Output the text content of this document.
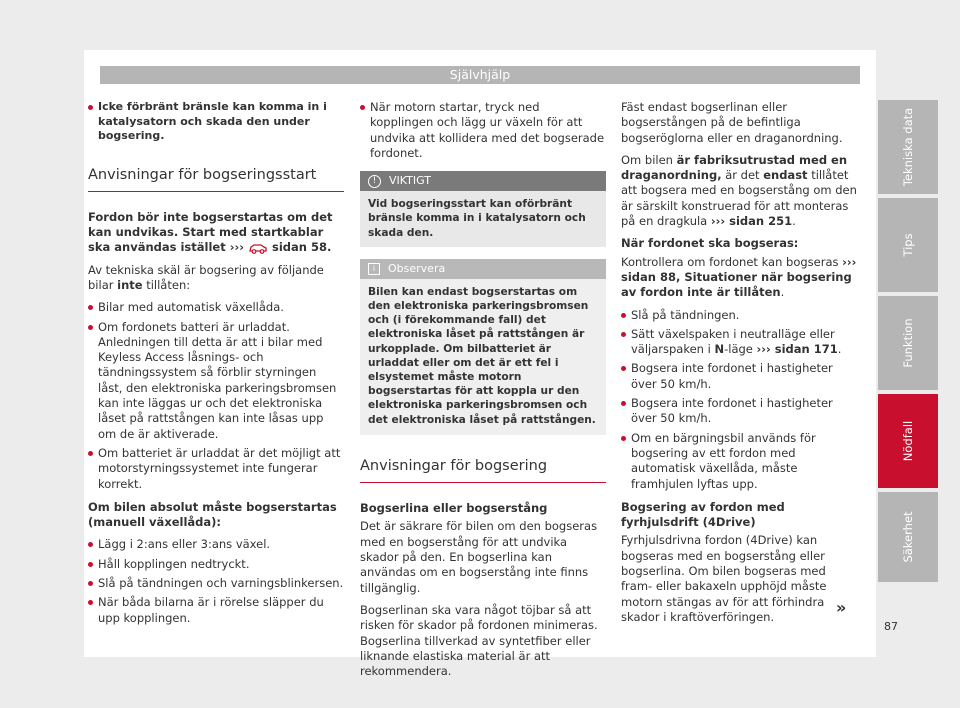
Självhjälp

Icke förbränt bränsle kan komma in i katalysatorn och skada den under bogsering.

Anvisningar för bogseringsstart

Fordon bör inte bogserstartas om det kan undvikas. Start med startkablar ska användas istället ››› sidan 58.

Av tekniska skäl är bogsering av följande bilar inte tillåten:

Bilar med automatisk växellåda.

Om fordonets batteri är urladdat. Anledningen till detta är att i bilar med Keyless Access låsnings- och tändningssystem så förblir styrningen låst, den elektroniska parkeringsbromsen kan inte läggas ur och det elektroniska låset på rattstången kan inte låsas upp om de är aktiverade.

Om batteriet är urladdat är det möjligt att motorstyrningssystemet inte fungerar korrekt.

Om bilen absolut måste bogserstartas (manuell växellåda):

Lägg i 2:ans eller 3:ans växel.

Håll kopplingen nedtryckt.

Slå på tändningen och varningsblinkersen.

När båda bilarna är i rörelse släpper du upp kopplingen.

När motorn startar, tryck ned kopplingen och lägg ur växeln för att undvika att kollidera med det bogserade fordonet.

! VIKTIGT
Vid bogseringsstart kan oförbränt bränsle komma in i katalysatorn och skada den.
i Observera
Bilen kan endast bogserstartas om den elektroniska parkeringsbromsen och (i förekommande fall) det elektroniska låset på rattstången är urkopplade. Om bilbatteriet är urladdat eller om det är ett fel i elsystemet måste motorn bogserstartas för att koppla ur den elektroniska parkeringsbromsen och det elektroniska låset på rattstången.
Anvisningar för bogsering

Bogserlina eller bogserstång

Det är säkrare för bilen om den bogseras med en bogserstång för att undvika skador på den. En bogserlina kan användas om en bogserstång inte finns tillgänglig.

Bogserlinan ska vara något töjbar så att risken för skador på fordonen minimeras. Bogserlina tillverkad av syntetfiber eller liknande elastiska material är att rekommendera.

Fäst endast bogserlinan eller bogserstången på de befintliga bogseröglorna eller en draganordning.

Om bilen är fabriksutrustad med en draganordning, är det endast tillåtet att bogsera med en bogserstång om den är särskilt konstruerad för att monteras på en dragkula ››› sidan 251.

När fordonet ska bogseras:

Kontrollera om fordonet kan bogseras ››› sidan 88, Situationer när bogsering av fordon inte är tillåten.

Slå på tändningen.

Sätt växelspaken i neutralläge eller väljarspaken i N-läge ››› sidan 171.

Bogsera inte fordonet i hastigheter över 50 km/h.

Bogsera inte fordonet i hastigheter över 50 km/h.

Om en bärgningsbil används för bogsering av ett fordon med automatisk växellåda, måste framhjulen lyftas upp.

Bogsering av fordon med fyrhjulsdrift (4Drive)

Fyrhjulsdrivna fordon (4Drive) kan bogseras med en bogserstång eller bogserlina. Om bilen bogseras med fram- eller bakaxeln upphöjd måste motorn stängas av för att förhindra skador i kraftöverföringen.	»
Tekniska data
Tips
Funktion
Nödfall
Säkerhet
87
